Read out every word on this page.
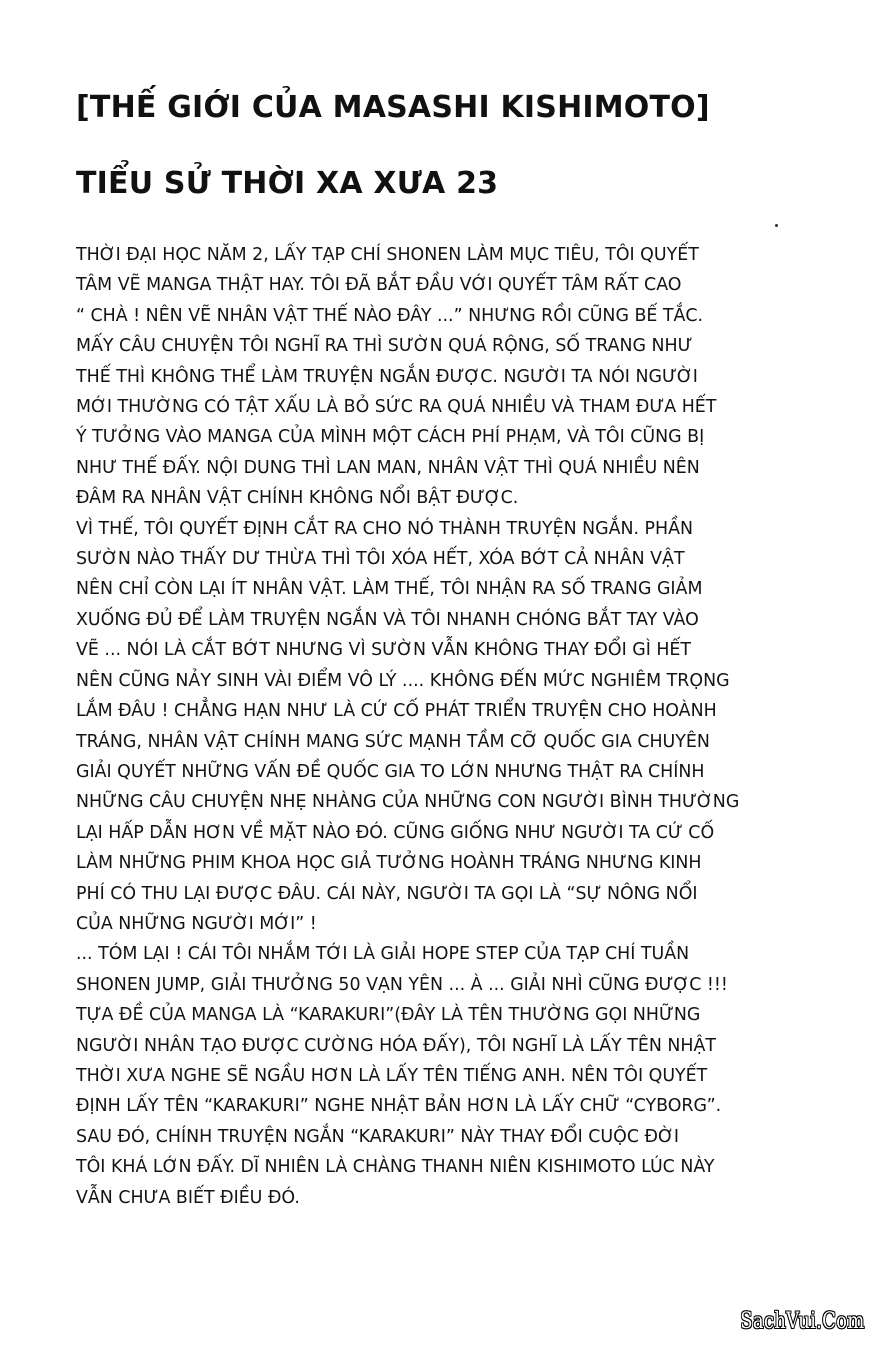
[THẾ GIỚI CỦA MASASHI KISHIMOTO]
TIỂU SỬ THỜI XA XƯA 23
THỜI ĐẠI HỌC NĂM 2, LẤY TẠP CHÍ SHONEN LÀM MỤC TIÊU, TÔI QUYẾT
TÂM VẼ MANGA THẬT HAY. TÔI ĐÃ BẮT ĐẦU VỚI QUYẾT TÂM RẤT CAO
“ CHÀ ! NÊN VẼ NHÂN VẬT THẾ NÀO ĐÂY ...” NHƯNG RỒI CŨNG BẾ TẮC.
MẤY CÂU CHUYỆN TÔI NGHĨ RA THÌ SƯỜN QUÁ RỘNG, SỐ TRANG NHƯ
THẾ THÌ KHÔNG THỂ LÀM TRUYỆN NGẮN ĐƯỢC. NGƯỜI TA NÓI NGƯỜI
MỚI THƯỜNG CÓ TẬT XẤU LÀ BỎ SỨC RA QUÁ NHIỀU VÀ THAM ĐƯA HẾT
Ý TƯỞNG VÀO MANGA CỦA MÌNH MỘT CÁCH PHÍ PHẠM, VÀ TÔI CŨNG BỊ
NHƯ THẾ ĐẤY. NỘI DUNG THÌ LAN MAN, NHÂN VẬT THÌ QUÁ NHIỀU NÊN
ĐÂM RA NHÂN VẬT CHÍNH KHÔNG NỔI BẬT ĐƯỢC.
VÌ THẾ, TÔI QUYẾT ĐỊNH CẮT RA CHO NÓ THÀNH TRUYỆN NGẮN. PHẦN
SƯỜN NÀO THẤY DƯ THỪA THÌ TÔI XÓA HẾT, XÓA BỚT CẢ NHÂN VẬT
NÊN CHỈ CÒN LẠI ÍT NHÂN VẬT. LÀM THẾ, TÔI NHẬN RA SỐ TRANG GIẢM
XUỐNG ĐỦ ĐỂ LÀM TRUYỆN NGẮN VÀ TÔI NHANH CHÓNG BẮT TAY VÀO
VẼ ... NÓI LÀ CẮT BỚT NHƯNG VÌ SƯỜN VẪN KHÔNG THAY ĐỔI GÌ HẾT
NÊN CŨNG NẢY SINH VÀI ĐIỂM VÔ LÝ .... KHÔNG ĐẾN MỨC NGHIÊM TRỌNG
LẮM ĐÂU ! CHẲNG HẠN NHƯ LÀ CỨ CỐ PHÁT TRIỂN TRUYỆN CHO HOÀNH
TRÁNG, NHÂN VẬT CHÍNH MANG SỨC MẠNH TẦM CỠ QUỐC GIA CHUYÊN
GIẢI QUYẾT NHỮNG VẤN ĐỀ QUỐC GIA TO LỚN NHƯNG THẬT RA CHÍNH
NHỮNG CÂU CHUYỆN NHẸ NHÀNG CỦA NHỮNG CON NGƯỜI BÌNH THƯỜNG
LẠI HẤP DẪN HƠN VỀ MẶT NÀO ĐÓ. CŨNG GIỐNG NHƯ NGƯỜI TA CỨ CỐ
LÀM NHỮNG PHIM KHOA HỌC GIẢ TƯỞNG HOÀNH TRÁNG NHƯNG KINH
PHÍ CÓ THU LẠI ĐƯỢC ĐÂU. CÁI NÀY, NGƯỜI TA GỌI LÀ “SỰ NÔNG NỔI
CỦA NHỮNG NGƯỜI MỚI” !
... TÓM LẠI ! CÁI TÔI NHẮM TỚI LÀ GIẢI HOPE STEP CỦA TẠP CHÍ TUẦN
SHONEN JUMP, GIẢI THƯỞNG 50 VẠN YÊN ... À ... GIẢI NHÌ CŨNG ĐƯỢC !!!
TỰA ĐỀ CỦA MANGA LÀ “KARAKURI”(ĐÂY LÀ TÊN THƯỜNG GỌI NHỮNG
NGƯỜI NHÂN TẠO ĐƯỢC CƯỜNG HÓA ĐẤY), TÔI NGHĨ LÀ LẤY TÊN NHẬT
THỜI XƯA NGHE SẼ NGẦU HƠN LÀ LẤY TÊN TIẾNG ANH. NÊN TÔI QUYẾT
ĐỊNH LẤY TÊN “KARAKURI” NGHE NHẬT BẢN HƠN LÀ LẤY CHỮ “CYBORG”.
SAU ĐÓ, CHÍNH TRUYỆN NGẮN “KARAKURI” NÀY THAY ĐỔI CUỘC ĐỜI
TÔI KHÁ LỚN ĐẤY. DĨ NHIÊN LÀ CHÀNG THANH NIÊN KISHIMOTO LÚC NÀY
VẪN CHƯA BIẾT ĐIỀU ĐÓ.
SachVui.Com
